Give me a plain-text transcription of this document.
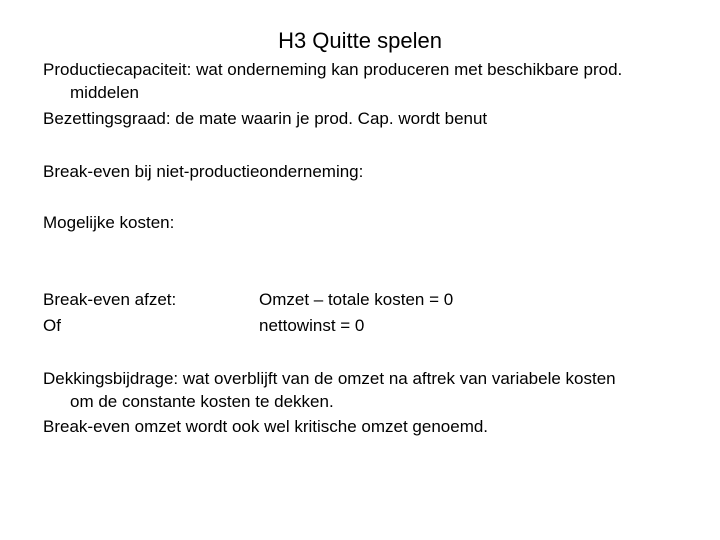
H3 Quitte spelen
Productiecapaciteit: wat onderneming kan produceren met beschikbare prod.
middelen
Bezettingsgraad: de mate waarin je prod. Cap. wordt benut
Break-even bij niet-productieonderneming:
Mogelijke kosten:
Break-even afzet:	Omzet – totale kosten = 0
Of	nettowinst = 0
Dekkingsbijdrage: wat overblijft van de omzet na aftrek van variabele kosten
om de constante kosten te dekken.
Break-even omzet wordt ook wel kritische omzet genoemd.
